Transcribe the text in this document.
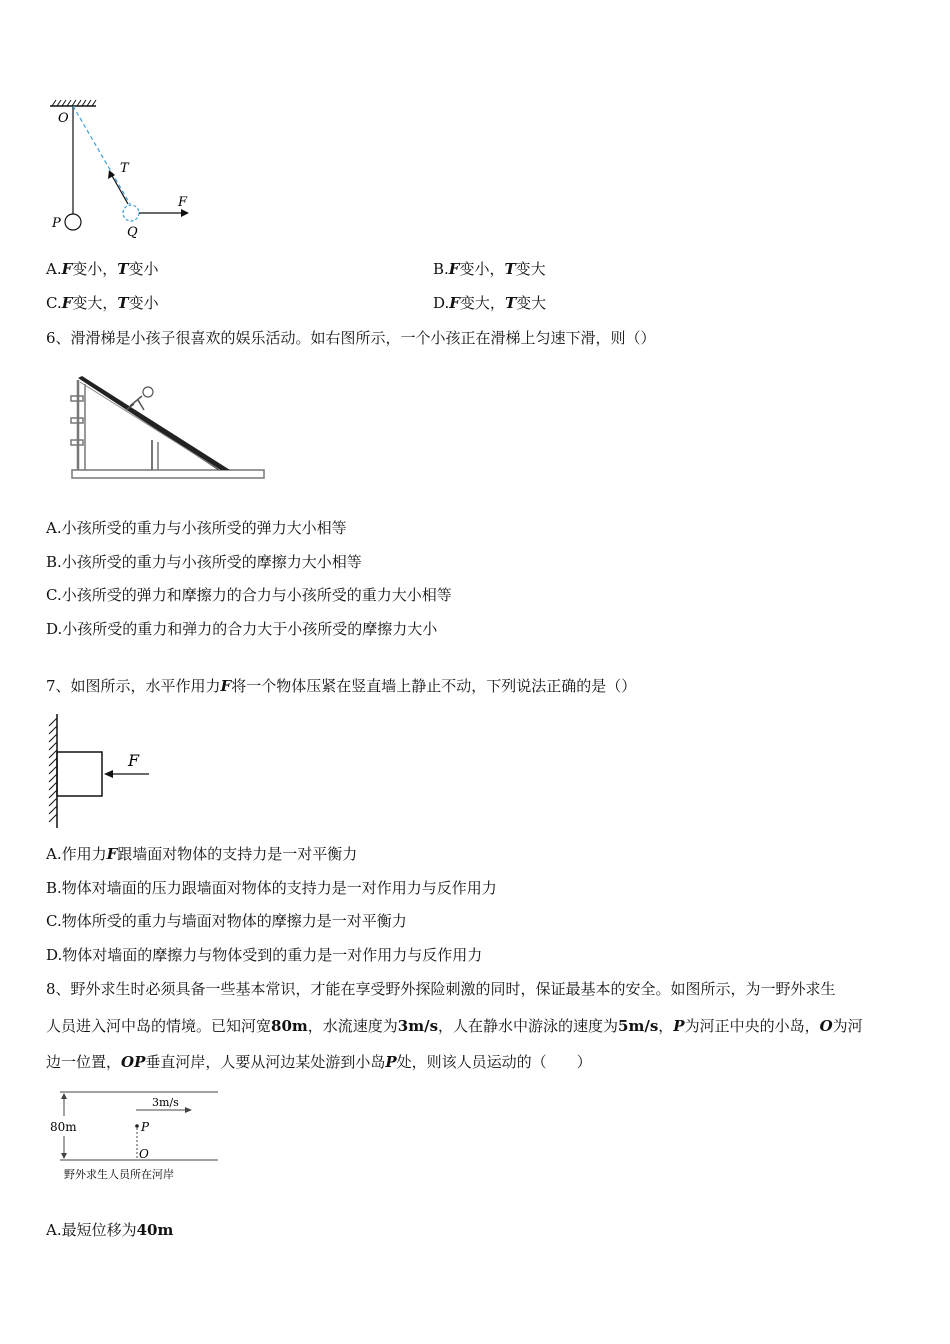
O
T
F
P
Q
A.F变小，T变小	B.F变小，T变大
C.F变大，T变小	D.F变大，T变大
6、滑滑梯是小孩子很喜欢的娱乐活动。如右图所示，一个小孩正在滑梯上匀速下滑，则（）
A.小孩所受的重力与小孩所受的弹力大小相等
B.小孩所受的重力与小孩所受的摩擦力大小相等
C.小孩所受的弹力和摩擦力的合力与小孩所受的重力大小相等
D.小孩所受的重力和弹力的合力大于小孩所受的摩擦力大小
7、如图所示，水平作用力F将一个物体压紧在竖直墙上静止不动，下列说法正确的是（）
F
A.作用力F跟墙面对物体的支持力是一对平衡力
B.物体对墙面的压力跟墙面对物体的支持力是一对作用力与反作用力
C.物体所受的重力与墙面对物体的摩擦力是一对平衡力
D.物体对墙面的摩擦力与物体受到的重力是一对作用力与反作用力
8、野外求生时必须具备一些基本常识，才能在享受野外探险刺激的同时，保证最基本的安全。如图所示，为一野外求生
人员进入河中岛的情境。已知河宽80m，水流速度为3m/s，人在静水中游泳的速度为5m/s，P为河正中央的小岛，O为河
边一位置，OP垂直河岸，人要从河边某处游到小岛P处，则该人员运动的（　　）
80m
3m/s
P
O
野外求生人员所在河岸
A.最短位移为40m
